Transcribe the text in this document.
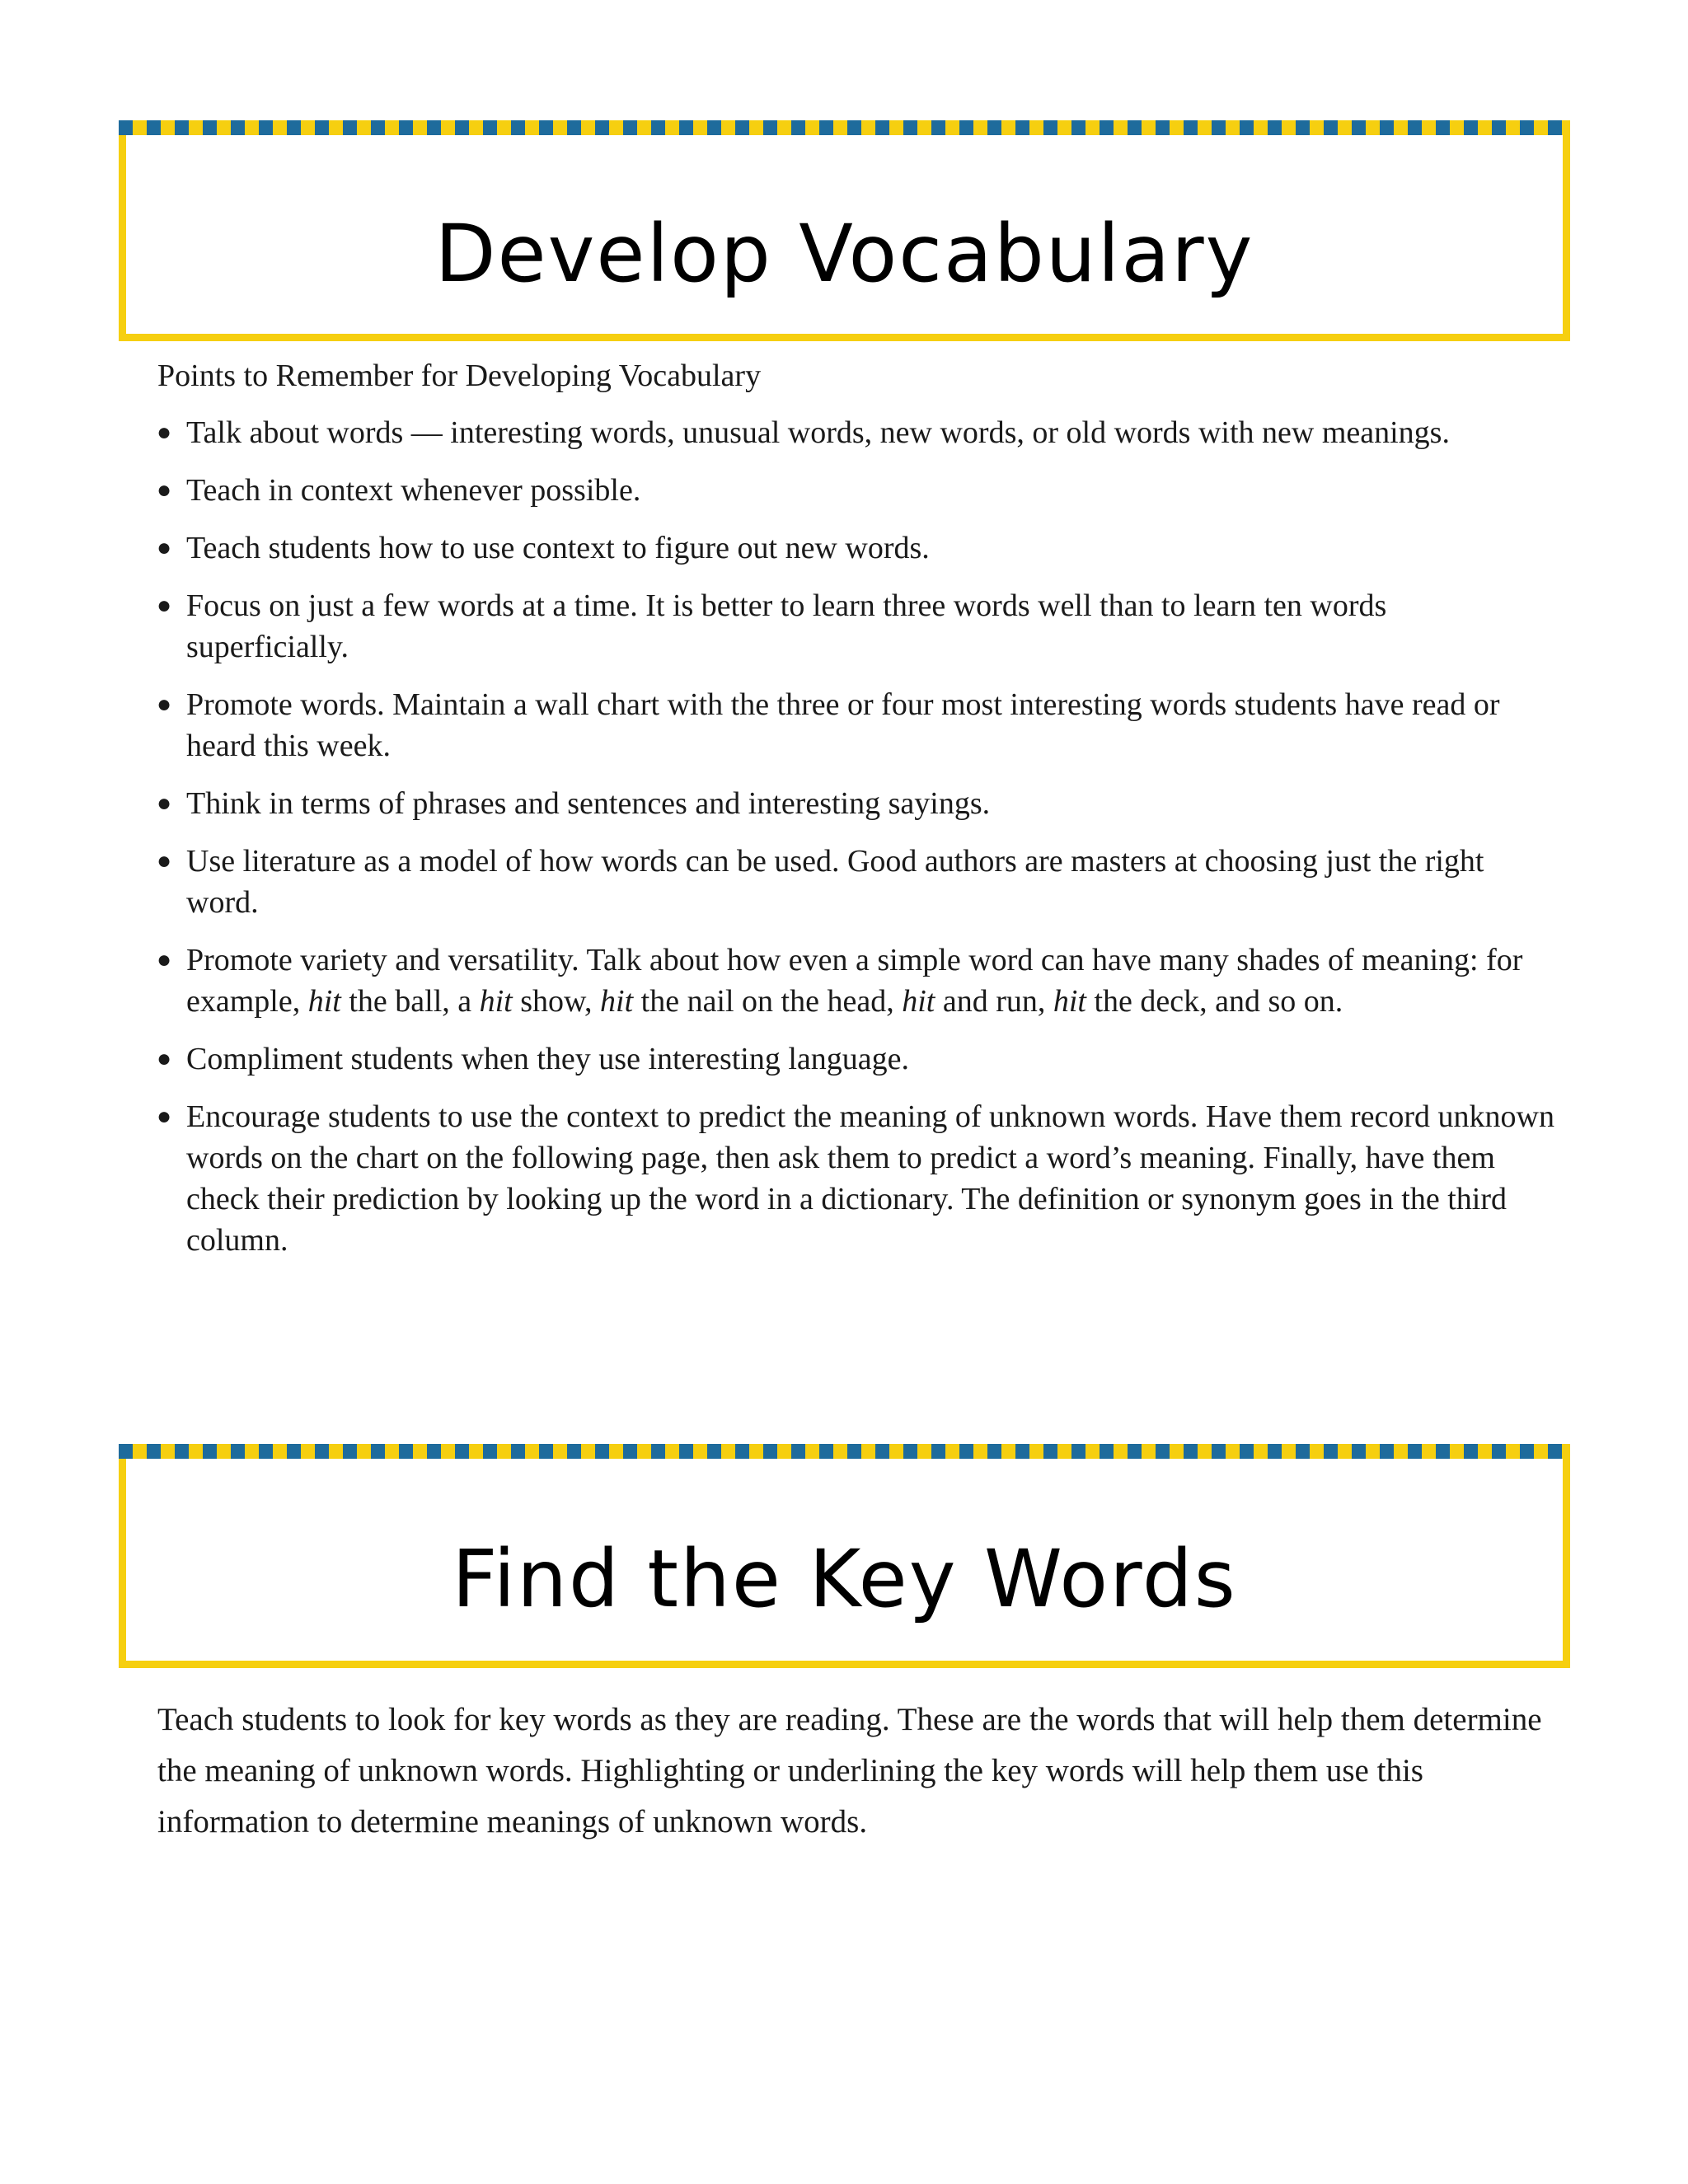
Develop Vocabulary

Points to Remember for Developing Vocabulary

● Talk about words — interesting words, unusual words, new words, or old words with new meanings.
● Teach in context whenever possible.
● Teach students how to use context to figure out new words.
● Focus on just a few words at a time. It is better to learn three words well than to learn ten words superficially.
● Promote words. Maintain a wall chart with the three or four most interesting words students have read or heard this week.
● Think in terms of phrases and sentences and interesting sayings.
● Use literature as a model of how words can be used. Good authors are masters at choosing just the right word.
● Promote variety and versatility. Talk about how even a simple word can have many shades of meaning: for example, hit the ball, a hit show, hit the nail on the head, hit and run, hit the deck, and so on.
● Compliment students when they use interesting language.
● Encourage students to use the context to predict the meaning of unknown words. Have them record unknown words on the chart on the following page, then ask them to predict a word’s meaning. Finally, have them check their prediction by looking up the word in a dictionary. The definition or synonym goes in the third column.
Find the Key Words

Teach students to look for key words as they are reading. These are the words that will help them determine the meaning of unknown words. Highlighting or underlining the key words will help them use this information to determine meanings of unknown words.
